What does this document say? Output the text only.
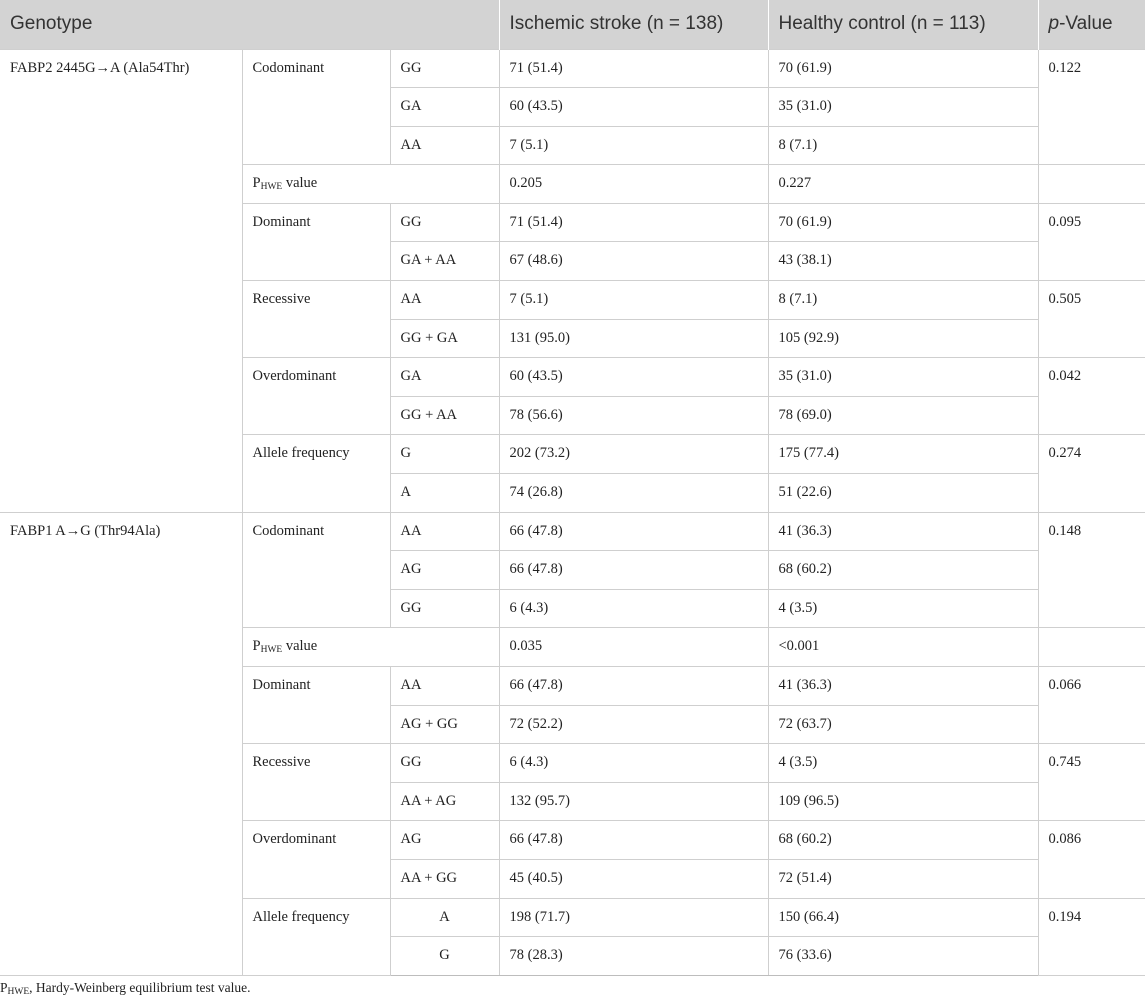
Genotype			Ischemic stroke (n = 138)	Healthy control (n = 113)	p-Value
FABP2 2445G→A (Ala54Thr)	Codominant	GG	71 (51.4)	70 (61.9)	0.122
		GA	60 (43.5)	35 (31.0)	
		AA	7 (5.1)	8 (7.1)	
	$P_{HWE}$ value		0.205	0.227	
	Dominant	GG	71 (51.4)	70 (61.9)	0.095
		GA + AA	67 (48.6)	43 (38.1)	
	Recessive	AA	7 (5.1)	8 (7.1)	0.505
		GG + GA	131 (95.0)	105 (92.9)	
	Overdominant	GA	60 (43.5)	35 (31.0)	0.042
		GG + AA	78 (56.6)	78 (69.0)	
	Allele frequency	G	202 (73.2)	175 (77.4)	0.274
		A	74 (26.8)	51 (22.6)	
FABP1 A→G (Thr94Ala)	Codominant	AA	66 (47.8)	41 (36.3)	0.148
		AG	66 (47.8)	68 (60.2)	
		GG	6 (4.3)	4 (3.5)	
	$P_{HWE}$ value		0.035	<0.001	
	Dominant	AA	66 (47.8)	41 (36.3)	0.066
		AG + GG	72 (52.2)	72 (63.7)	
	Recessive	GG	6 (4.3)	4 (3.5)	0.745
		AA + AG	132 (95.7)	109 (96.5)	
	Overdominant	AG	66 (47.8)	68 (60.2)	0.086
		AA + GG	45 (40.5)	72 (51.4)	
	Allele frequency	A	198 (71.7)	150 (66.4)	0.194
		G	78 (28.3)	76 (33.6)	
$P_{HWE}$, Hardy-Weinberg equilibrium test value.
